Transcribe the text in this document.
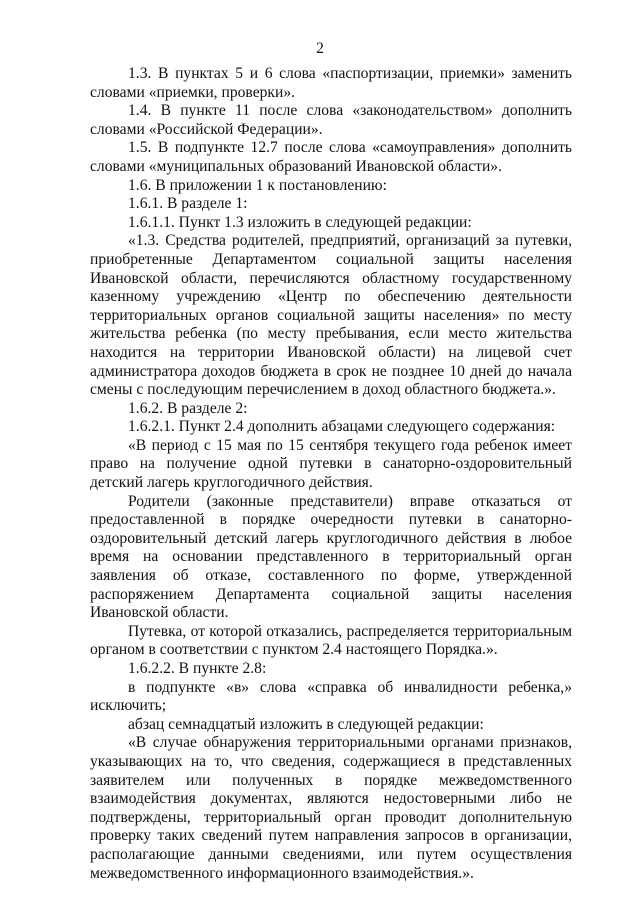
2

1.3. В пунктах 5 и 6 слова «паспортизации, приемки» заменить словами «приемки, проверки».

1.4. В пункте 11 после слова «законодательством» дополнить словами «Российской Федерации».

1.5. В подпункте 12.7 после слова «самоуправления» дополнить словами «муниципальных образований Ивановской области».

1.6. В приложении 1 к постановлению:

1.6.1. В разделе 1:

1.6.1.1. Пункт 1.3 изложить в следующей редакции:

«1.3. Средства родителей, предприятий, организаций за путевки, приобретенные Департаментом социальной защиты населения Ивановской области, перечисляются областному государственному казенному учреждению «Центр по обеспечению деятельности территориальных органов социальной защиты населения» по месту жительства ребенка (по месту пребывания, если место жительства находится на территории Ивановской области) на лицевой счет администратора доходов бюджета в срок не позднее 10 дней до начала смены с последующим перечислением в доход областного бюджета.».

1.6.2. В разделе 2:

1.6.2.1. Пункт 2.4 дополнить абзацами следующего содержания:

«В период с 15 мая по 15 сентября текущего года ребенок имеет право на получение одной путевки в санаторно-оздоровительный детский лагерь круглогодичного действия.

Родители (законные представители) вправе отказаться от предоставленной в порядке очередности путевки в санаторно-оздоровительный детский лагерь круглогодичного действия в любое время на основании представленного в территориальный орган заявления об отказе, составленного по форме, утвержденной распоряжением Департамента социальной защиты населения Ивановской области.

Путевка, от которой отказались, распределяется территориальным органом в соответствии с пунктом 2.4 настоящего Порядка.».

1.6.2.2. В пункте 2.8:

в подпункте «в» слова «справка об инвалидности ребенка,» исключить;

абзац семнадцатый изложить в следующей редакции:

«В случае обнаружения территориальными органами признаков, указывающих на то, что сведения, содержащиеся в представленных заявителем или полученных в порядке межведомственного взаимодействия документах, являются недостоверными либо не подтверждены, территориальный орган проводит дополнительную проверку таких сведений путем направления запросов в организации, располагающие данными сведениями, или путем осуществления межведомственного информационного взаимодействия.».
